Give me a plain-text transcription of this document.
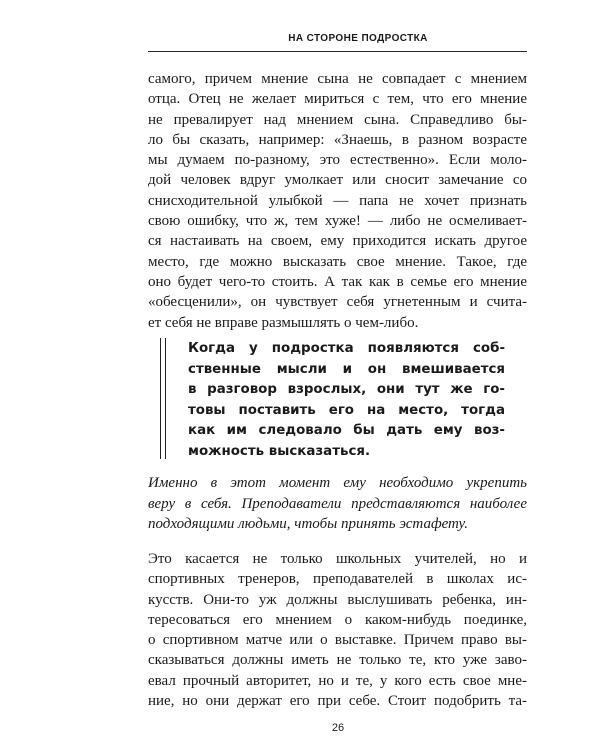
НА СТОРОНЕ ПОДРОСТКА

самого, причем мнение сына не совпадает с мнением
отца. Отец не желает мириться с тем, что его мнение
не превалирует над мнением сына. Справедливо бы-
ло бы сказать, например: «Знаешь, в разном возрасте
мы думаем по-разному, это естественно». Если моло-
дой человек вдруг умолкает или сносит замечание со
снисходительной улыбкой — папа не хочет признать
свою ошибку, что ж, тем хуже! — либо не осмеливает-
ся настаивать на своем, ему приходится искать другое
место, где можно высказать свое мнение. Такое, где
оно будет чего-то стоить. А так как в семье его мнение
«обесценили», он чувствует себя угнетенным и счита-
ет себя не вправе размышлять о чем-либо.

Когда у подростка появляются соб-
ственные мысли и он вмешивается
в разговор взрослых, они тут же го-
товы поставить его на место, тогда
как им следовало бы дать ему воз-
можность высказаться.

Именно в этот момент ему необходимо укрепить
веру в себя. Преподаватели представляются наиболее
подходящими людьми, чтобы принять эстафету.

Это касается не только школьных учителей, но и
спортивных тренеров, преподавателей в школах ис-
кусств. Они-то уж должны выслушивать ребенка, ин-
тересоваться его мнением о каком-нибудь поединке,
о спортивном матче или о выставке. Причем право вы-
сказываться должны иметь не только те, кто уже заво-
евал прочный авторитет, но и те, у кого есть свое мне-
ние, но они держат его при себе. Стоит подобрить та-

26
